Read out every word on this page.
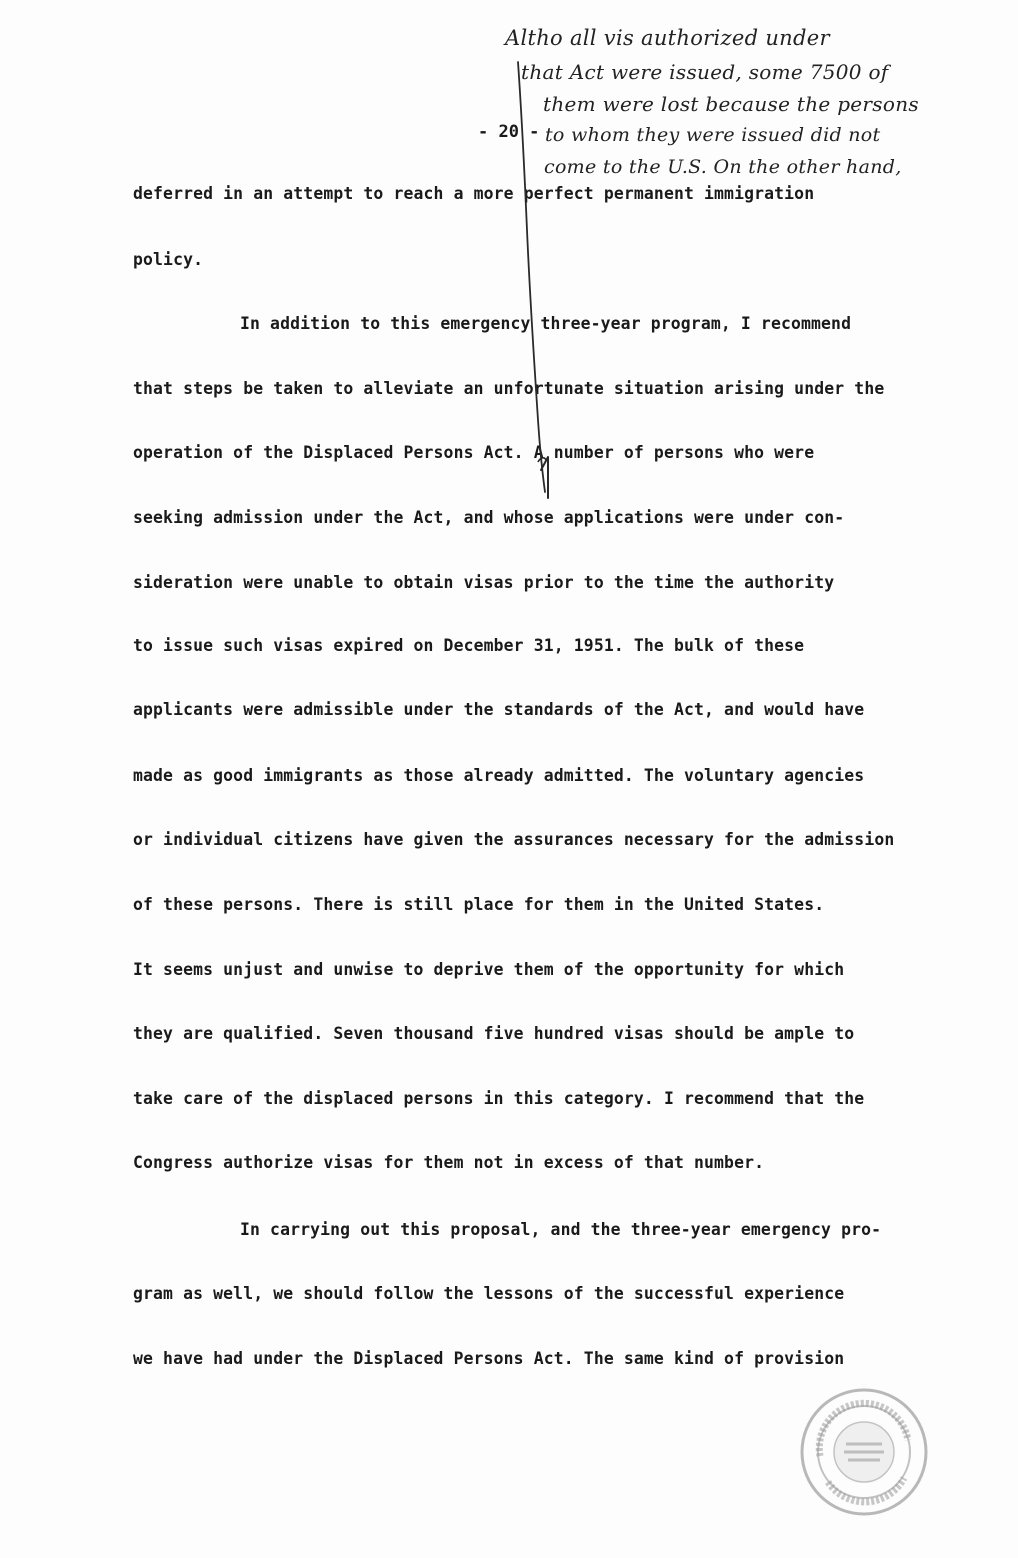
- 20 -
Altho all vis authorized under
that Act were issued, some 7500 of
them were lost because the persons
to whom they were issued did not
come to the U.S. On the other hand,
deferred in an attempt to reach a more perfect permanent immigration
policy.
In addition to this emergency three-year program, I recommend
that steps be taken to alleviate an unfortunate situation arising under the
operation of the Displaced Persons Act. A number of persons who were
seeking admission under the Act, and whose applications were under con-
sideration were unable to obtain visas prior to the time the authority
to issue such visas expired on December 31, 1951. The bulk of these
applicants were admissible under the standards of the Act, and would have
made as good immigrants as those already admitted. The voluntary agencies
or individual citizens have given the assurances necessary for the admission
of these persons. There is still place for them in the United States.
It seems unjust and unwise to deprive them of the opportunity for which
they are qualified. Seven thousand five hundred visas should be ample to
take care of the displaced persons in this category. I recommend that the
Congress authorize visas for them not in excess of that number.
In carrying out this proposal, and the three-year emergency pro-
gram as well, we should follow the lessons of the successful experience
we have had under the Displaced Persons Act. The same kind of provision
